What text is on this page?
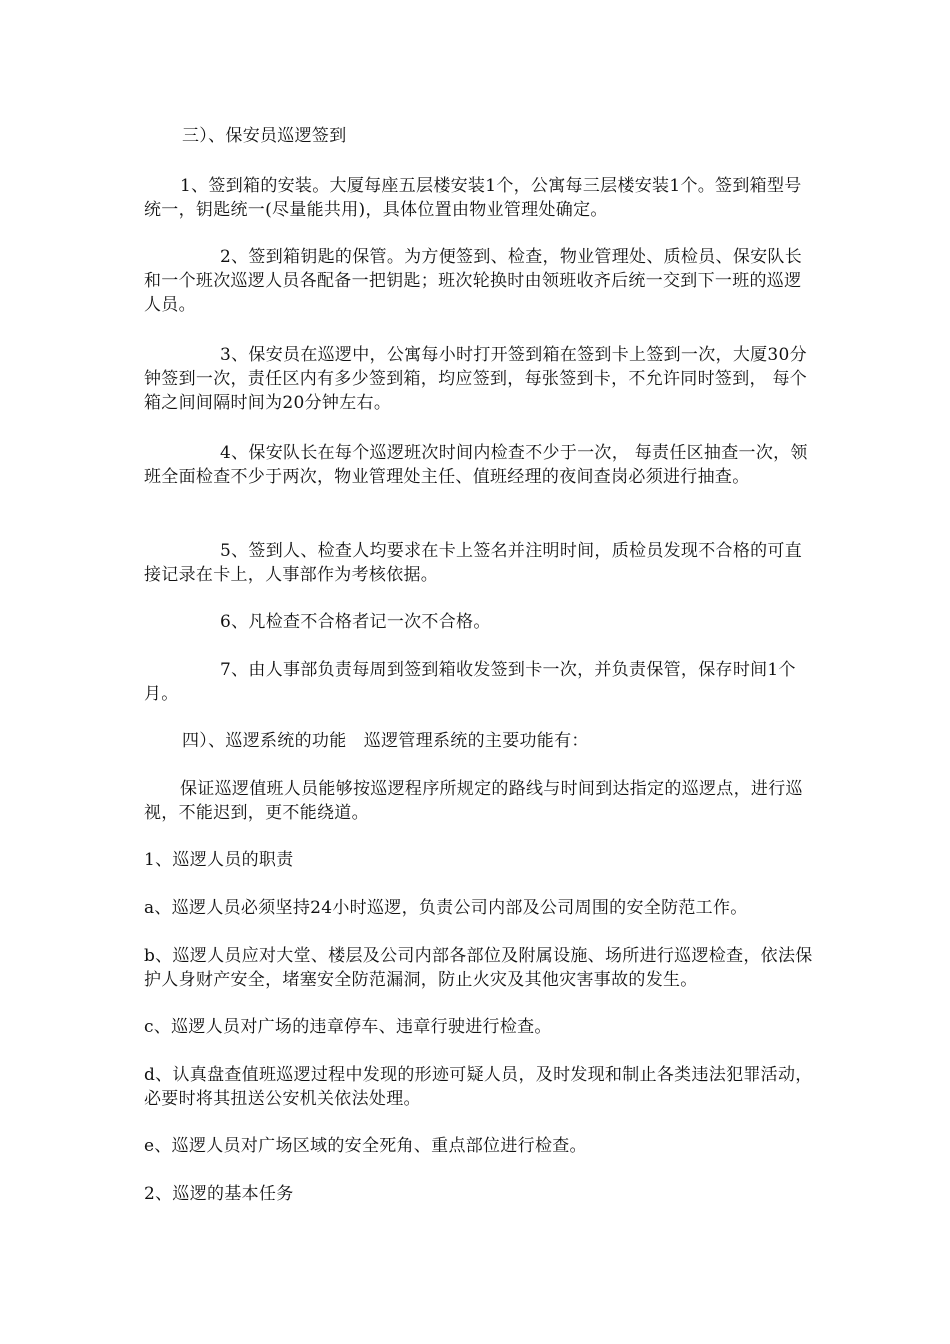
三）、保安员巡逻签到

1、签到箱的安装。大厦每座五层楼安装1个，公寓每三层楼安装1个。签到箱型号统一，钥匙统一(尽量能共用)，具体位置由物业管理处确定。

2、签到箱钥匙的保管。为方便签到、检查，物业管理处、质检员、保安队长和一个班次巡逻人员各配备一把钥匙；班次轮换时由领班收齐后统一交到下一班的巡逻人员。

3、保安员在巡逻中，公寓每小时打开签到箱在签到卡上签到一次，大厦30分钟签到一次，责任区内有多少签到箱，均应签到，每张签到卡，不允许同时签到， 每个箱之间间隔时间为20分钟左右。

4、保安队长在每个巡逻班次时间内检查不少于一次， 每责任区抽查一次，领班全面检查不少于两次，物业管理处主任、值班经理的夜间查岗必须进行抽查。

5、签到人、检查人均要求在卡上签名并注明时间，质检员发现不合格的可直接记录在卡上，人事部作为考核依据。

6、凡检查不合格者记一次不合格。

7、由人事部负责每周到签到箱收发签到卡一次，并负责保管，保存时间1个月。

四）、巡逻系统的功能　巡逻管理系统的主要功能有：

保证巡逻值班人员能够按巡逻程序所规定的路线与时间到达指定的巡逻点，进行巡视，不能迟到，更不能绕道。

1、巡逻人员的职责

a、巡逻人员必须坚持24小时巡逻，负责公司内部及公司周围的安全防范工作。

b、巡逻人员应对大堂、楼层及公司内部各部位及附属设施、场所进行巡逻检查，依法保护人身财产安全，堵塞安全防范漏洞，防止火灾及其他灾害事故的发生。

c、巡逻人员对广场的违章停车、违章行驶进行检查。

d、认真盘查值班巡逻过程中发现的形迹可疑人员，及时发现和制止各类违法犯罪活动，必要时将其扭送公安机关依法处理。

e、巡逻人员对广场区域的安全死角、重点部位进行检查。

2、巡逻的基本任务
